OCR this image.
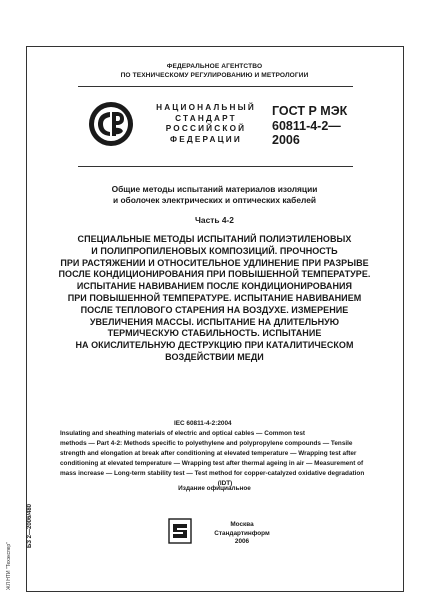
ФЕДЕРАЛЬНОЕ АГЕНТСТВО
ПО ТЕХНИЧЕСКОМУ РЕГУЛИРОВАНИЮ И МЕТРОЛОГИИ
НАЦИОНАЛЬНЫЙ
СТАНДАРТ
РОССИЙСКОЙ
ФЕДЕРАЦИИ
ГОСТ Р МЭК
60811-4-2—
2006
Общие методы испытаний материалов изоляции
и оболочек электрических и оптических кабелей
Часть 4-2
СПЕЦИАЛЬНЫЕ МЕТОДЫ ИСПЫТАНИЙ ПОЛИЭТИЛЕНОВЫХ
И ПОЛИПРОПИЛЕНОВЫХ КОМПОЗИЦИЙ. ПРОЧНОСТЬ
ПРИ РАСТЯЖЕНИИ И ОТНОСИТЕЛЬНОЕ УДЛИНЕНИЕ ПРИ РАЗРЫВЕ
ПОСЛЕ КОНДИЦИОНИРОВАНИЯ ПРИ ПОВЫШЕННОЙ ТЕМПЕРАТУРЕ.
ИСПЫТАНИЕ НАВИВАНИЕМ ПОСЛЕ КОНДИЦИОНИРОВАНИЯ
ПРИ ПОВЫШЕННОЙ ТЕМПЕРАТУРЕ. ИСПЫТАНИЕ НАВИВАНИЕМ
ПОСЛЕ ТЕПЛОВОГО СТАРЕНИЯ НА ВОЗДУХЕ. ИЗМЕРЕНИЕ
УВЕЛИЧЕНИЯ МАССЫ. ИСПЫТАНИЕ НА ДЛИТЕЛЬНУЮ
ТЕРМИЧЕСКУЮ СТАБИЛЬНОСТЬ. ИСПЫТАНИЕ
НА ОКИСЛИТЕЛЬНУЮ ДЕСТРУКЦИЮ ПРИ КАТАЛИТИЧЕСКОМ
ВОЗДЕЙСТВИИ МЕДИ
IEC 60811-4-2:2004
Insulating and sheathing materials of electric and optical cables — Common test
methods — Part 4-2: Methods specific to polyethylene and polypropylene compounds — Tensile
strength and elongation at break after conditioning at elevated temperature — Wrapping test after
conditioning at elevated temperature — Wrapping test after thermal ageing in air — Measurement of
mass increase — Long-term stability test — Test method for copper-catalyzed oxidative degradation
(IDT)
Издание официальное
БЗ 2—2006/480
ЖЛ НТИ "Техэкспер"
Москва
Стандартинформ
2006
